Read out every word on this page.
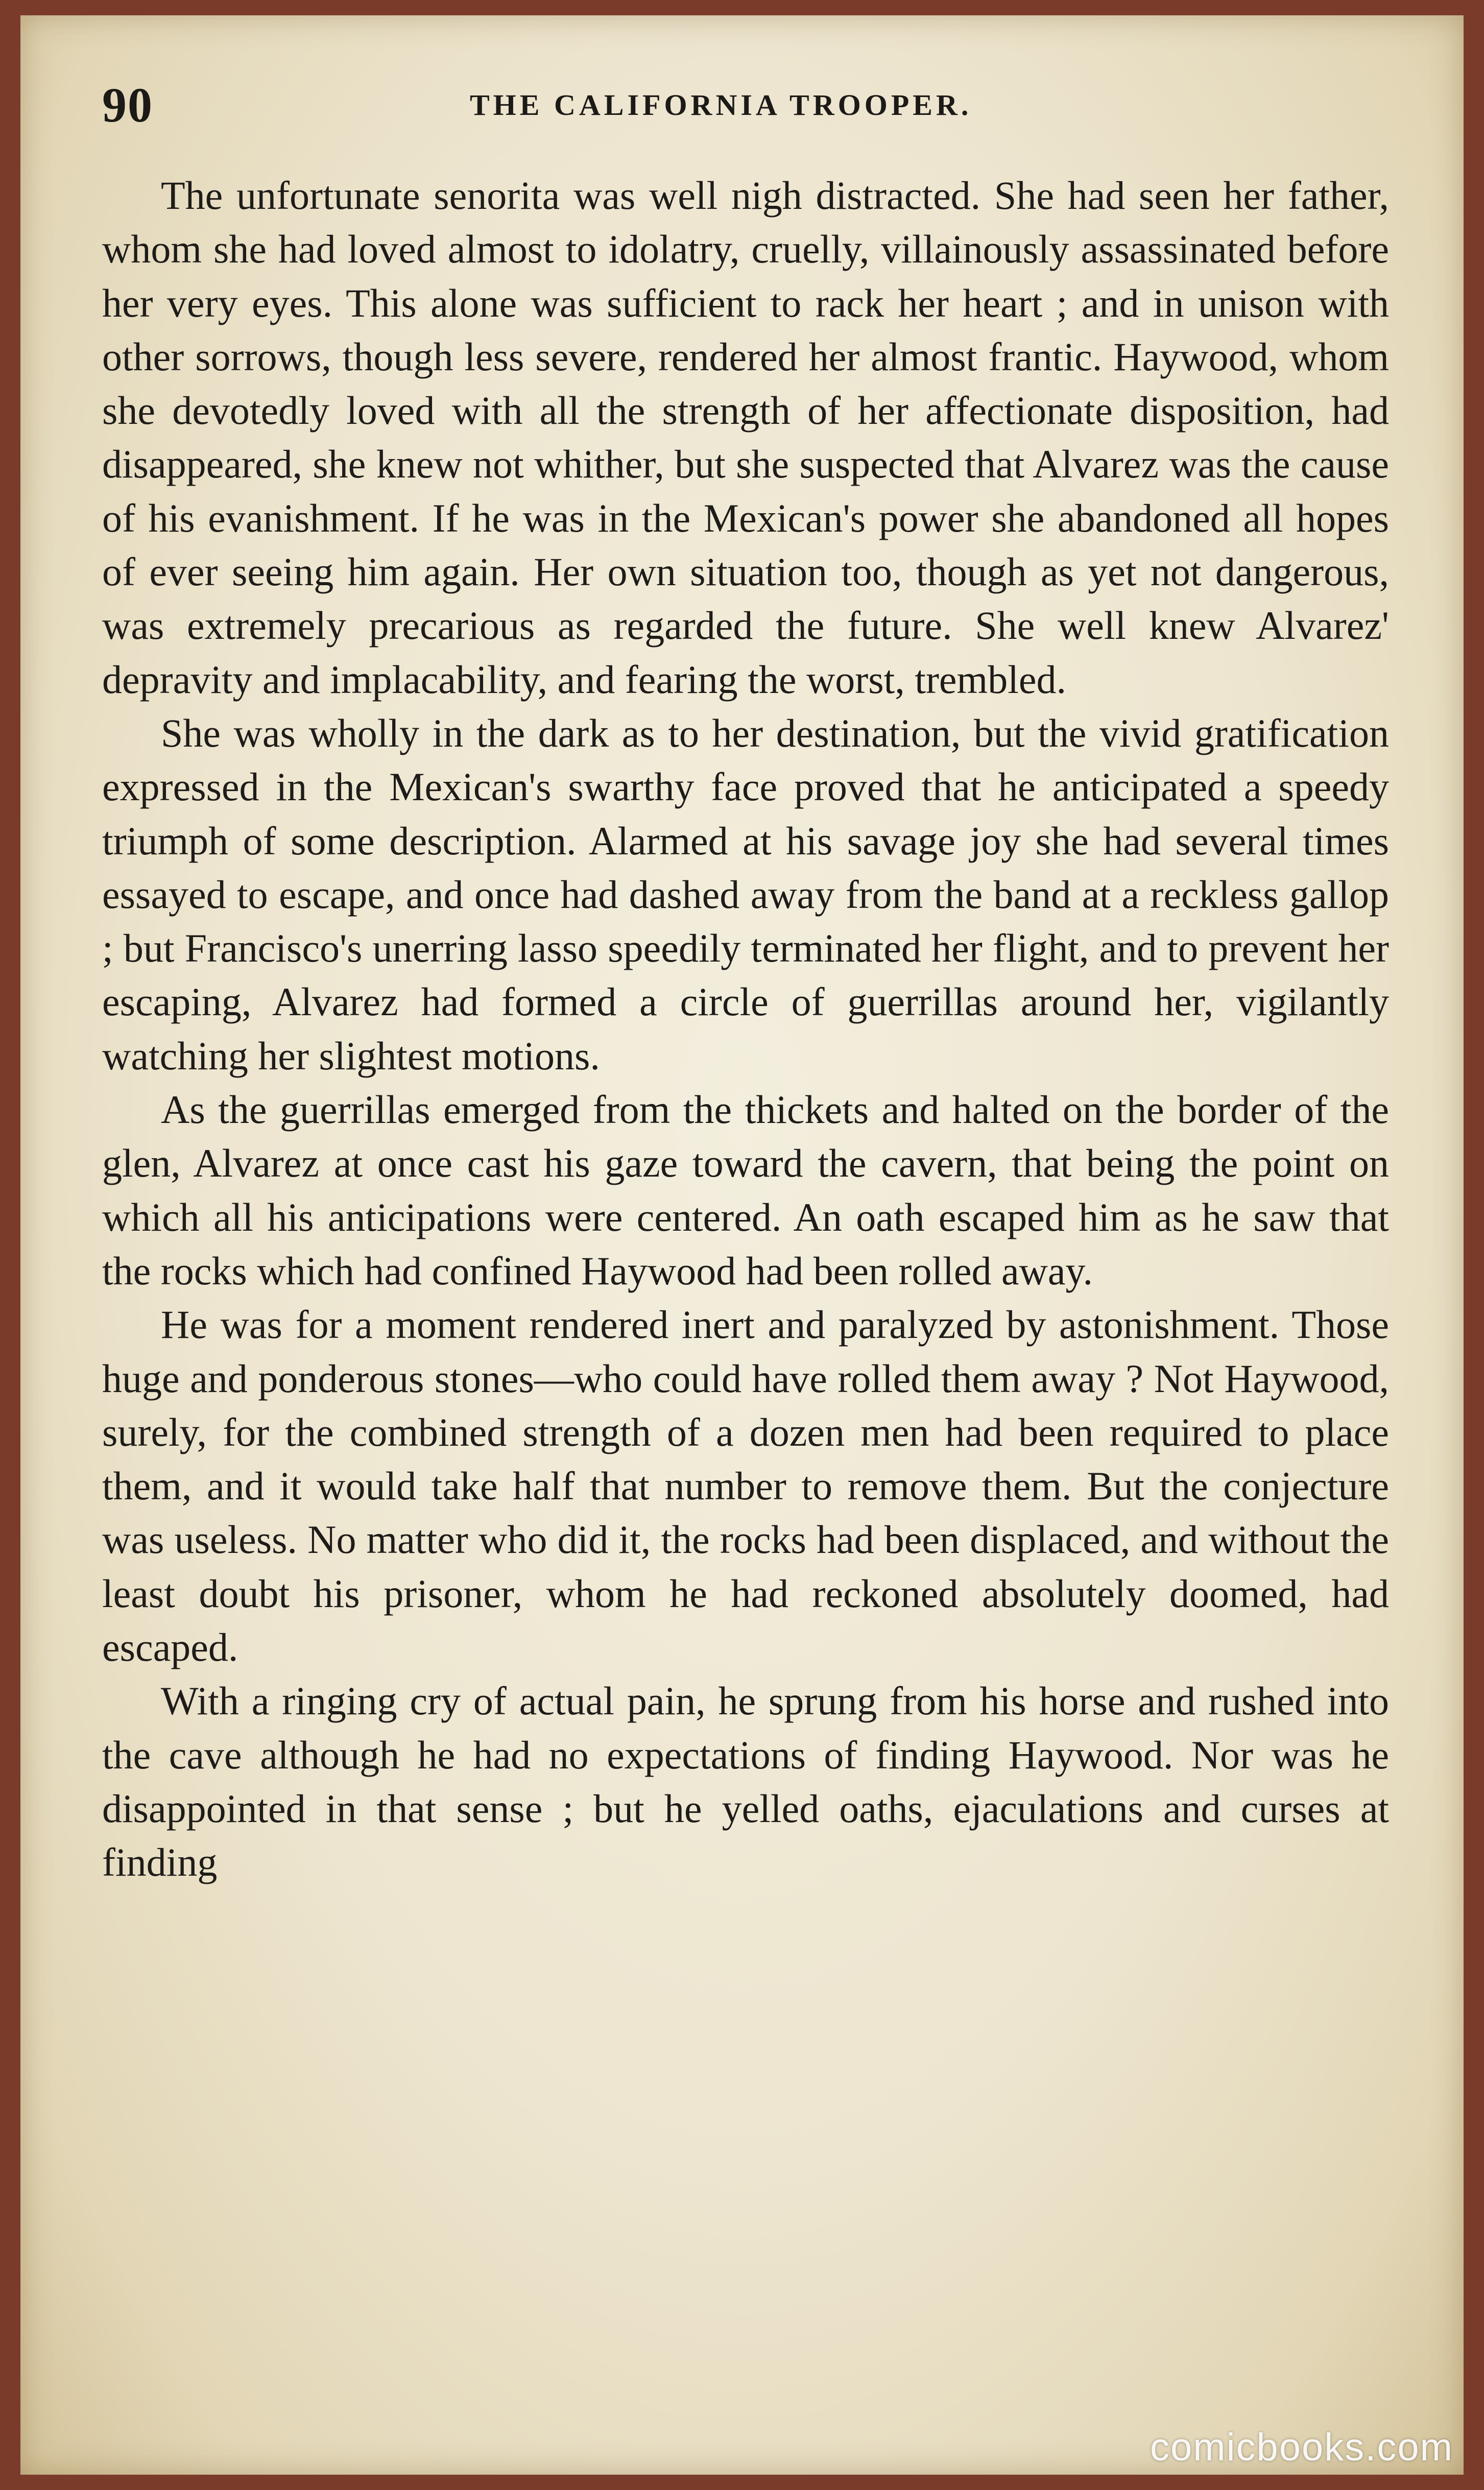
90	THE CALIFORNIA TROOPER.

The unfortunate senorita was well nigh distracted. She had seen her father, whom she had loved almost to idolatry, cruelly, villainously assassinated before her very eyes. This alone was sufficient to rack her heart ; and in unison with other sorrows, though less severe, rendered her almost frantic. Haywood, whom she devotedly loved with all the strength of her affectionate disposition, had disappeared, she knew not whither, but she suspected that Alvarez was the cause of his evanishment. If he was in the Mexican's power she abandoned all hopes of ever seeing him again. Her own situation too, though as yet not dangerous, was extremely precarious as regarded the future. She well knew Alvarez' depravity and implacability, and fearing the worst, trembled.

She was wholly in the dark as to her destination, but the vivid gratification expressed in the Mexican's swarthy face proved that he anticipated a speedy triumph of some description. Alarmed at his savage joy she had several times essayed to escape, and once had dashed away from the band at a reckless gallop ; but Francisco's unerring lasso speedily terminated her flight, and to prevent her escaping, Alvarez had formed a circle of guerrillas around her, vigilantly watching her slightest motions.

As the guerrillas emerged from the thickets and halted on the border of the glen, Alvarez at once cast his gaze toward the cavern, that being the point on which all his anticipations were centered. An oath escaped him as he saw that the rocks which had confined Haywood had been rolled away.

He was for a moment rendered inert and paralyzed by astonishment. Those huge and ponderous stones—who could have rolled them away ? Not Haywood, surely, for the combined strength of a dozen men had been required to place them, and it would take half that number to remove them. But the conjecture was useless. No matter who did it, the rocks had been displaced, and without the least doubt his prisoner, whom he had reckoned absolutely doomed, had escaped.

With a ringing cry of actual pain, he sprung from his horse and rushed into the cave although he had no expectations of finding Haywood. Nor was he disappointed in that sense ; but he yelled oaths, ejaculations and curses at finding

comicbooks.com
